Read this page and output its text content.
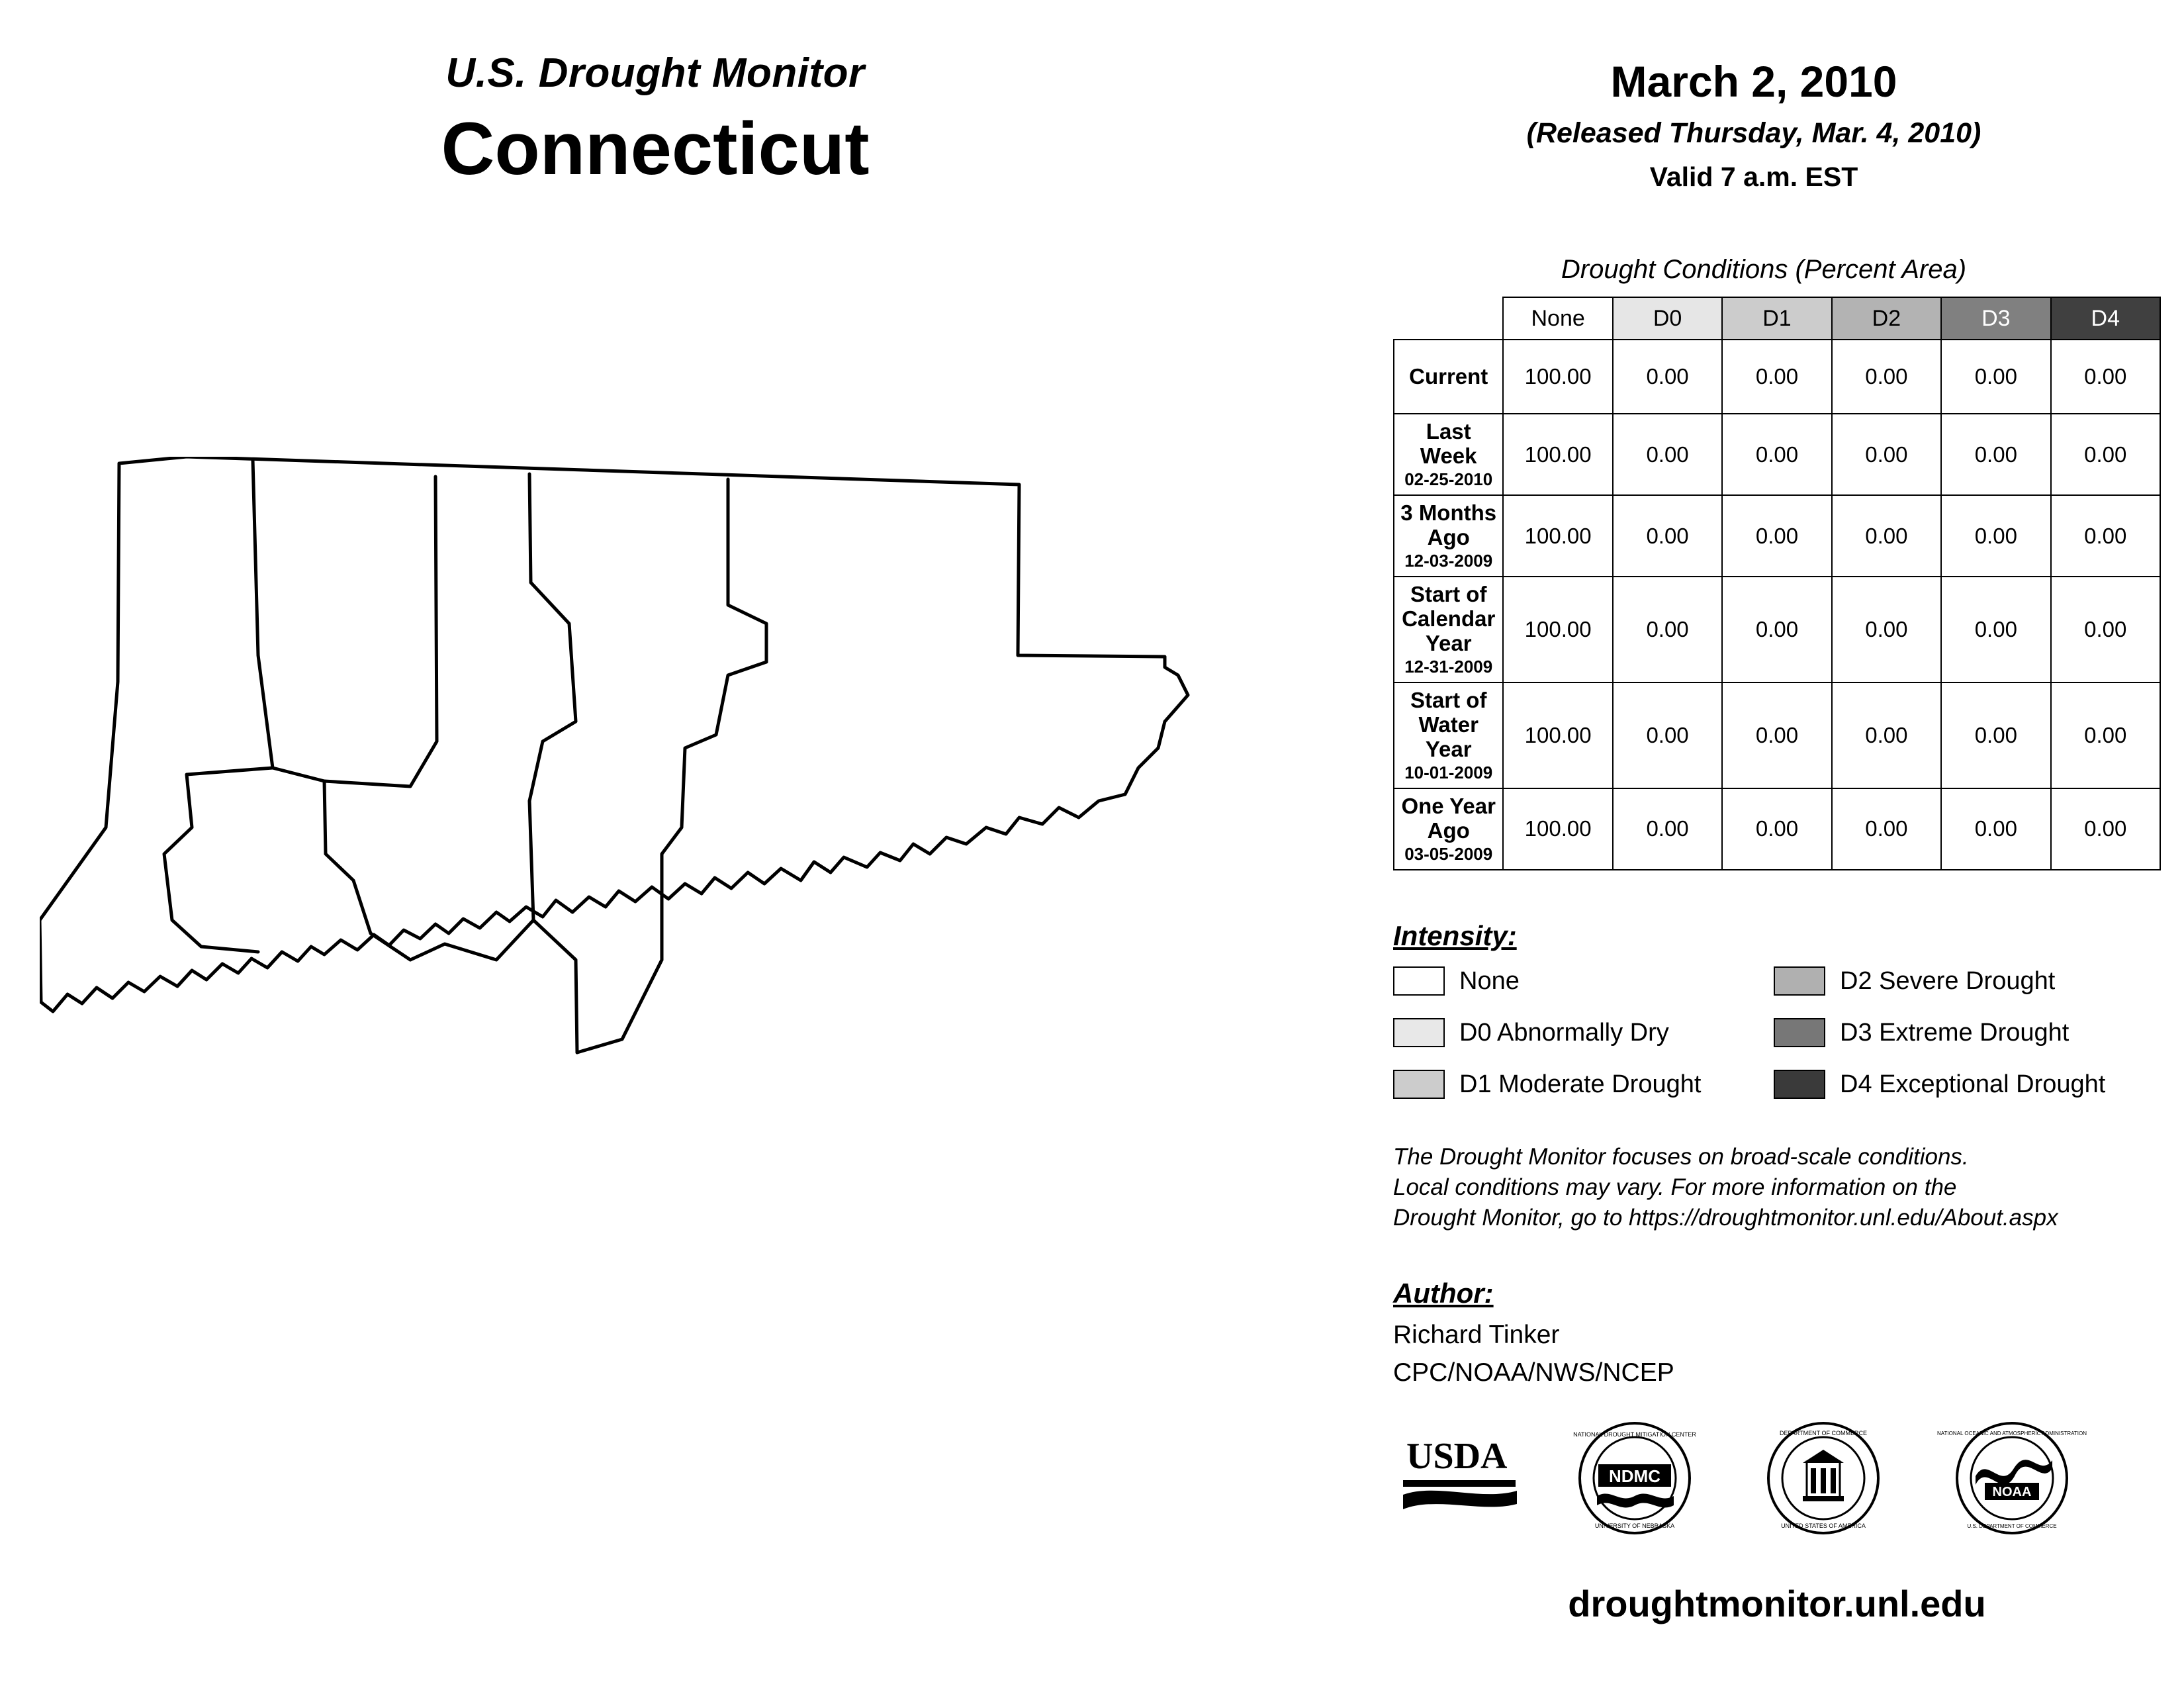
U.S. Drought Monitor
Connecticut
March 2, 2010
(Released Thursday, Mar. 4, 2010)
Valid 7 a.m. EST
Drought Conditions (Percent Area)
	None	D0	D1	D2	D3	D4
Current	100.00	0.00	0.00	0.00	0.00	0.00
Last Week
02-25-2010	100.00	0.00	0.00	0.00	0.00	0.00
3 Months Ago
12-03-2009	100.00	0.00	0.00	0.00	0.00	0.00
Start of
Calendar Year
12-31-2009	100.00	0.00	0.00	0.00	0.00	0.00
Start of
Water Year
10-01-2009	100.00	0.00	0.00	0.00	0.00	0.00
One Year Ago
03-05-2009	100.00	0.00	0.00	0.00	0.00	0.00
Intensity:
None
D0 Abnormally Dry
D1 Moderate Drought
D2 Severe Drought
D3 Extreme Drought
D4 Exceptional Drought
The Drought Monitor focuses on broad-scale conditions.
Local conditions may vary. For more information on the
Drought Monitor, go to https://droughtmonitor.unl.edu/About.aspx
Author:
Richard Tinker
CPC/NOAA/NWS/NCEP
USDA	NDMC
NATIONAL DROUGHT MITIGATION CENTER
UNIVERSITY OF NEBRASKA
DEPARTMENT OF COMMERCE
UNITED STATES OF AMERICA
NOAA
NATIONAL OCEANIC AND ATMOSPHERIC ADMINISTRATION
U.S. DEPARTMENT OF COMMERCE
droughtmonitor.unl.edu
